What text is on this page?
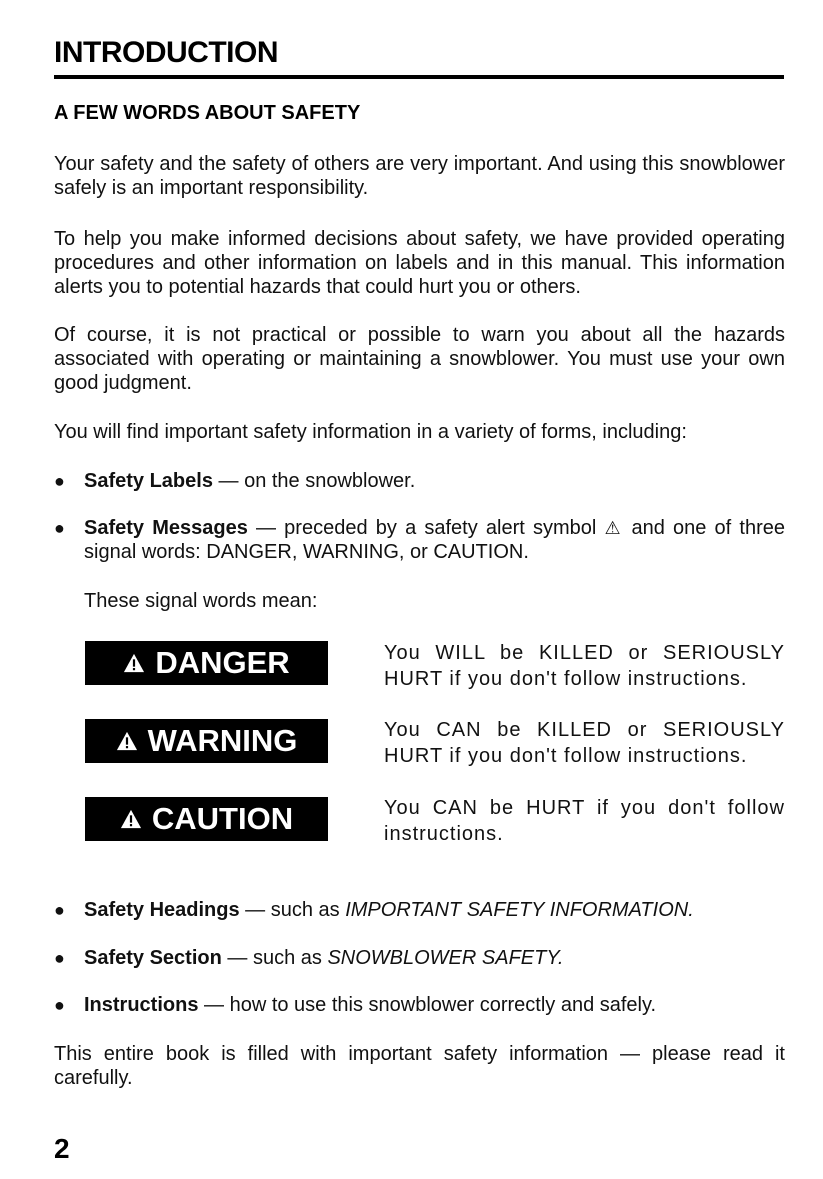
INTRODUCTION
A FEW WORDS ABOUT SAFETY

Your safety and the safety of others are very important. And using this snowblower safely is an important responsibility.

To help you make informed decisions about safety, we have provided operating procedures and other information on labels and in this manual. This information alerts you to potential hazards that could hurt you or others.

Of course, it is not practical or possible to warn you about all the hazards associated with operating or maintaining a snowblower. You must use your own good judgment.

You will find important safety information in a variety of forms, including:

● Safety Labels — on the snowblower.
● Safety Messages — preceded by a safety alert symbol ⚠ and one of three signal words: DANGER, WARNING, or CAUTION.
These signal words mean:
DANGER	You WILL be KILLED or SERIOUSLY HURT if you don't follow instructions.
WARNING	You CAN be KILLED or SERIOUSLY HURT if you don't follow instructions.
CAUTION	You CAN be HURT if you don't follow instructions.
● Safety Headings — such as IMPORTANT SAFETY INFORMATION.
● Safety Section — such as SNOWBLOWER SAFETY.
● Instructions — how to use this snowblower correctly and safely.

This entire book is filled with important safety information — please read it carefully.

2
